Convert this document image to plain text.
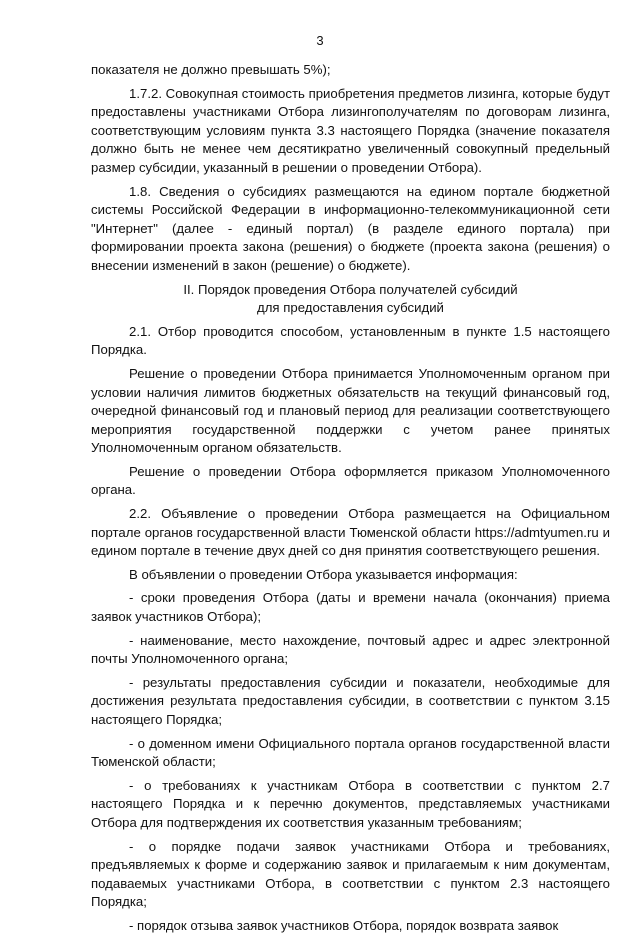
3

показателя не должно превышать 5%);

1.7.2. Совокупная стоимость приобретения предметов лизинга, которые будут предоставлены участниками Отбора лизингополучателям по договорам лизинга, соответствующим условиям пункта 3.3 настоящего Порядка (значение показателя должно быть не менее чем десятикратно увеличенный совокупный предельный размер субсидии, указанный в решении о проведении Отбора).

1.8. Сведения о субсидиях размещаются на едином портале бюджетной системы Российской Федерации в информационно-телекоммуникационной сети "Интернет" (далее - единый портал) (в разделе единого портала) при формировании проекта закона (решения) о бюджете (проекта закона (решения) о внесении изменений в закон (решение) о бюджете).

II. Порядок проведения Отбора получателей субсидий
для предоставления субсидий

2.1. Отбор проводится способом, установленным в пункте 1.5 настоящего Порядка.

Решение о проведении Отбора принимается Уполномоченным органом при условии наличия лимитов бюджетных обязательств на текущий финансовый год, очередной финансовый год и плановый период для реализации соответствующего мероприятия государственной поддержки с учетом ранее принятых Уполномоченным органом обязательств.

Решение о проведении Отбора оформляется приказом Уполномоченного органа.

2.2. Объявление о проведении Отбора размещается на Официальном портале органов государственной власти Тюменской области https://admtyumen.ru и едином портале в течение двух дней со дня принятия соответствующего решения.

В объявлении о проведении Отбора указывается информация:

- сроки проведения Отбора (даты и времени начала (окончания) приема заявок участников Отбора);

- наименование, место нахождение, почтовый адрес и адрес электронной почты Уполномоченного органа;

- результаты предоставления субсидии и показатели, необходимые для достижения результата предоставления субсидии, в соответствии с пунктом 3.15 настоящего Порядка;

- о доменном имени Официального портала органов государственной власти Тюменской области;

- о требованиях к участникам Отбора в соответствии с пунктом 2.7 настоящего Порядка и к перечню документов, представляемых участниками Отбора для подтверждения их соответствия указанным требованиям;

- о порядке подачи заявок участниками Отбора и требованиях, предъявляемых к форме и содержанию заявок и прилагаемым к ним документам, подаваемых участниками Отбора, в соответствии с пунктом 2.3 настоящего Порядка;

- порядок отзыва заявок участников Отбора, порядок возврата заявок
